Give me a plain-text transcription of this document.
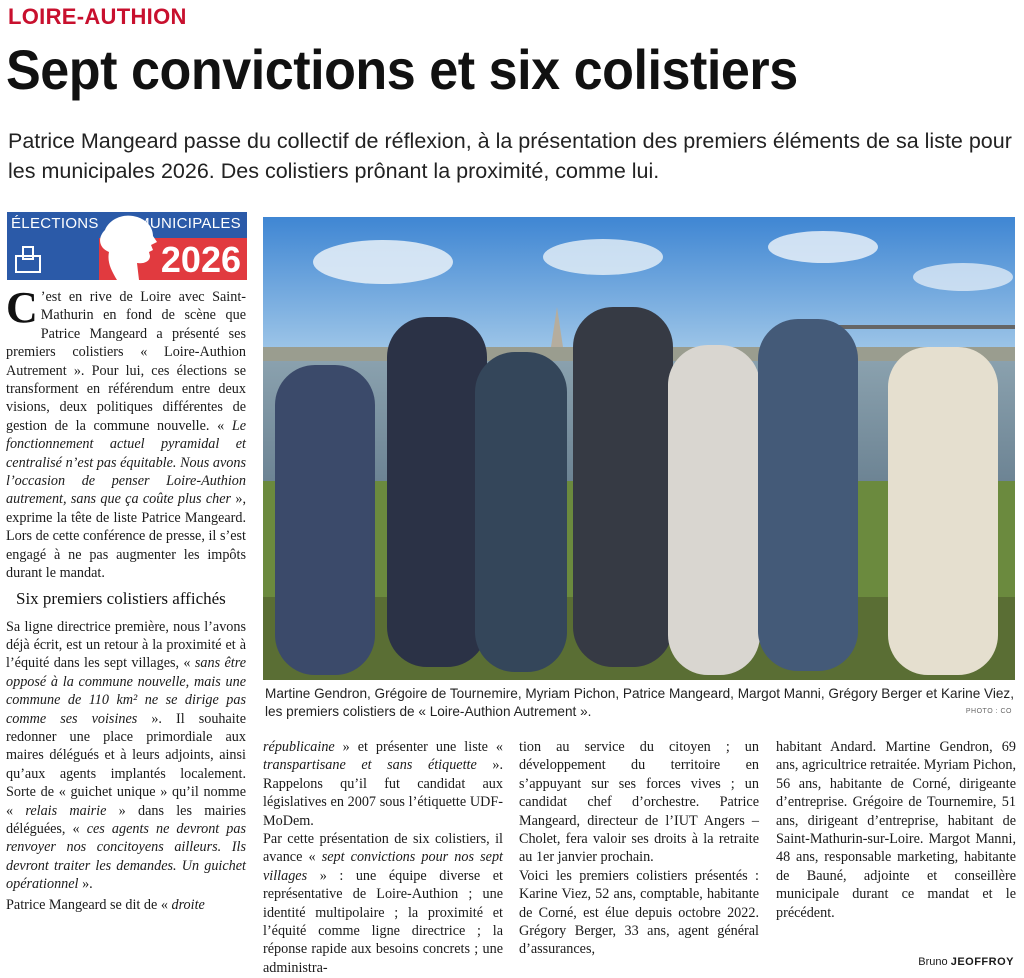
LOIRE-AUTHION
Sept convictions et six colistiers
Patrice Mangeard passe du collectif de réflexion, à la présentation des premiers éléments de sa liste pour les municipales 2026. Des colistiers prônant la proximité, comme lui.
ÉLECTIONS	MUNICIPALES
2026

C ’est en rive de Loire avec Saint-Mathurin en fond de scène que Patrice Mangeard a présenté ses premiers colistiers « Loire-Authion Autrement ». Pour lui, ces élections se transforment en référendum entre deux visions, deux politiques différentes de gestion de la commune nouvelle. « Le fonctionnement actuel pyramidal et centralisé n’est pas équitable. Nous avons l’occasion de penser Loire-Authion autrement, sans que ça coûte plus cher », exprime la tête de liste Patrice Mangeard. Lors de cette conférence de presse, il s’est engagé à ne pas augmenter les impôts durant le mandat.

Six premiers colistiers affichés

Sa ligne directrice première, nous l’avons déjà écrit, est un retour à la proximité et à l’équité dans les sept villages, « sans être opposé à la commune nouvelle, mais une commune de 110 km² ne se dirige pas comme ses voisines ». Il souhaite redonner une place primordiale aux maires délégués et à leurs adjoints, ainsi qu’aux agents implantés localement. Sorte de « guichet unique » qu’il nomme « relais mairie » dans les mairies déléguées, « ces agents ne devront pas renvoyer nos concitoyens ailleurs. Ils devront traiter les demandes. Un guichet opérationnel ».

Patrice Mangeard se dit de « droite

Martine Gendron, Grégoire de Tournemire, Myriam Pichon, Patrice Mangeard, Margot Manni, Grégory Berger et Karine Viez, les premiers colistiers de « Loire-Authion Autrement ».	PHOTO : CO

républicaine » et présenter une liste « transpartisane et sans étiquette ». Rappelons qu’il fut candidat aux législatives en 2007 sous l’étiquette UDF-MoDem.

Par cette présentation de six colistiers, il avance « sept convictions pour nos sept villages » : une équipe diverse et représentative de Loire-Authion ; une identité multipolaire ; la proximité et l’équité comme ligne directrice ; la réponse rapide aux besoins concrets ; une administra-

tion au service du citoyen ; un développement du territoire en s’appuyant sur ses forces vives ; un candidat chef d’orchestre. Patrice Mangeard, directeur de l’IUT Angers – Cholet, fera valoir ses droits à la retraite au 1er janvier prochain.

Voici les premiers colistiers présentés : Karine Viez, 52 ans, comptable, habitante de Corné, est élue depuis octobre 2022. Grégory Berger, 33 ans, agent général d’assurances,

habitant Andard. Martine Gendron, 69 ans, agricultrice retraitée. Myriam Pichon, 56 ans, habitante de Corné, dirigeante d’entreprise. Grégoire de Tournemire, 51 ans, dirigeant d’entreprise, habitant de Saint-Mathurin-sur-Loire. Margot Manni, 48 ans, responsable marketing, habitante de Bauné, adjointe et conseillère municipale durant ce mandat et le précédent.

Bruno JEOFFROY
